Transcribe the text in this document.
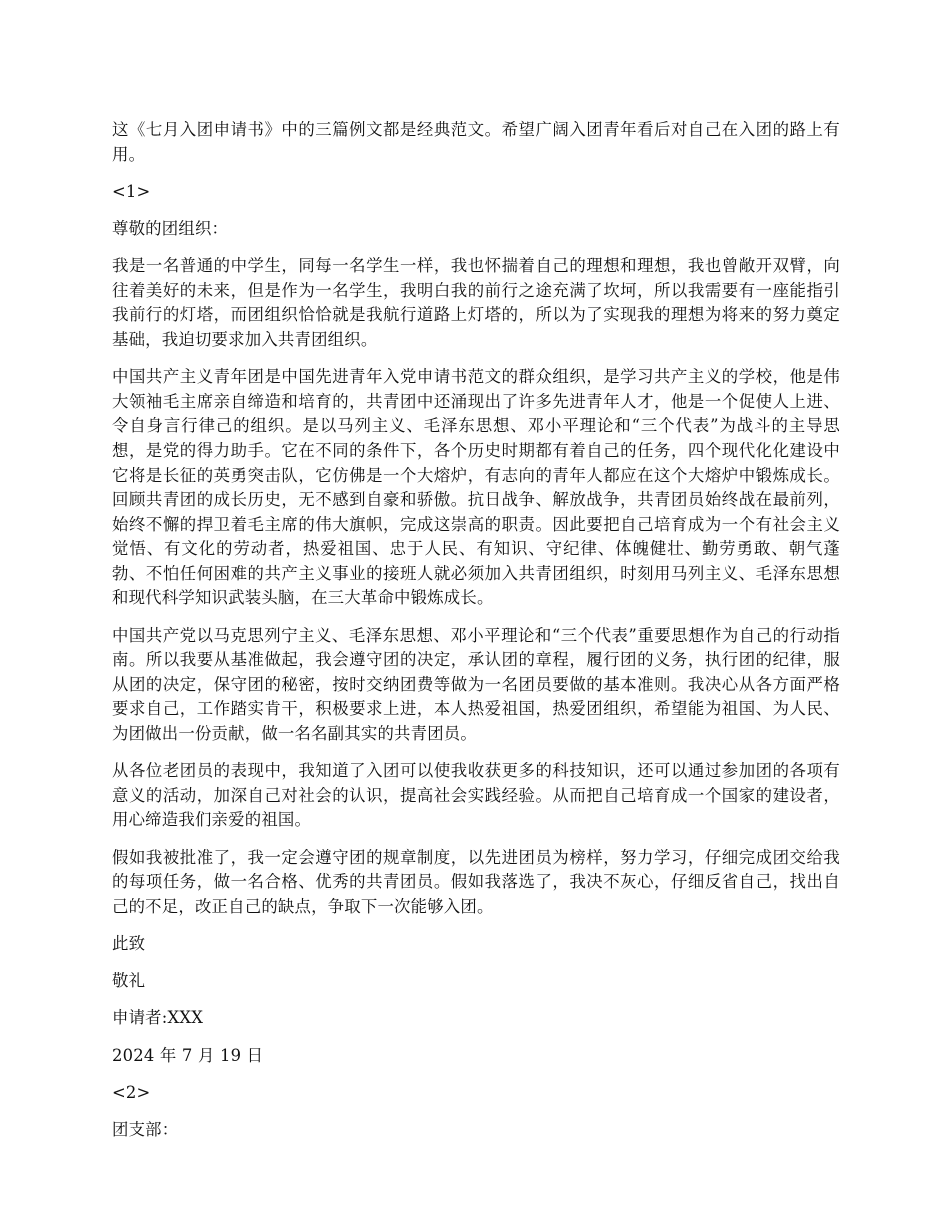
这《七月入团申请书》中的三篇例文都是经典范文。希望广阔入团青年看后对自己在入团的路上有用。

<1>

尊敬的团组织：

我是一名普通的中学生，同每一名学生一样，我也怀揣着自己的理想和理想，我也曾敞开双臂，向往着美好的未来，但是作为一名学生，我明白我的前行之途充满了坎坷，所以我需要有一座能指引我前行的灯塔，而团组织恰恰就是我航行道路上灯塔的，所以为了实现我的理想为将来的努力奠定基础，我迫切要求加入共青团组织。

中国共产主义青年团是中国先进青年入党申请书范文的群众组织，是学习共产主义的学校，他是伟大领袖毛主席亲自缔造和培育的，共青团中还涌现出了许多先进青年人才，他是一个促使人上进、令自身言行律己的组织。是以马列主义、毛泽东思想、邓小平理论和“三个代表”为战斗的主导思想，是党的得力助手。它在不同的条件下，各个历史时期都有着自己的任务，四个现代化化建设中它将是长征的英勇突击队，它仿佛是一个大熔炉，有志向的青年人都应在这个大熔炉中锻炼成长。回顾共青团的成长历史，无不感到自豪和骄傲。抗日战争、解放战争，共青团员始终战在最前列，始终不懈的捍卫着毛主席的伟大旗帜，完成这崇高的职责。因此要把自己培育成为一个有社会主义觉悟、有文化的劳动者，热爱祖国、忠于人民、有知识、守纪律、体魄健壮、勤劳勇敢、朝气蓬勃、不怕任何困难的共产主义事业的接班人就必须加入共青团组织，时刻用马列主义、毛泽东思想和现代科学知识武装头脑，在三大革命中锻炼成长。

中国共产党以马克思列宁主义、毛泽东思想、邓小平理论和“三个代表”重要思想作为自己的行动指南。所以我要从基准做起，我会遵守团的决定，承认团的章程，履行团的义务，执行团的纪律，服从团的决定，保守团的秘密，按时交纳团费等做为一名团员要做的基本准则。我决心从各方面严格要求自己，工作踏实肯干，积极要求上进，本人热爱祖国，热爱团组织，希望能为祖国、为人民、为团做出一份贡献，做一名名副其实的共青团员。

从各位老团员的表现中，我知道了入团可以使我收获更多的科技知识，还可以通过参加团的各项有意义的活动，加深自己对社会的认识，提高社会实践经验。从而把自己培育成一个国家的建设者，用心缔造我们亲爱的祖国。

假如我被批准了，我一定会遵守团的规章制度，以先进团员为榜样，努力学习，仔细完成团交给我的每项任务，做一名合格、优秀的共青团员。假如我落选了，我决不灰心，仔细反省自己，找出自己的不足，改正自己的缺点，争取下一次能够入团。

此致

敬礼

申请者:XXX

2024 年 7 月 19 日

<2>

团支部：
